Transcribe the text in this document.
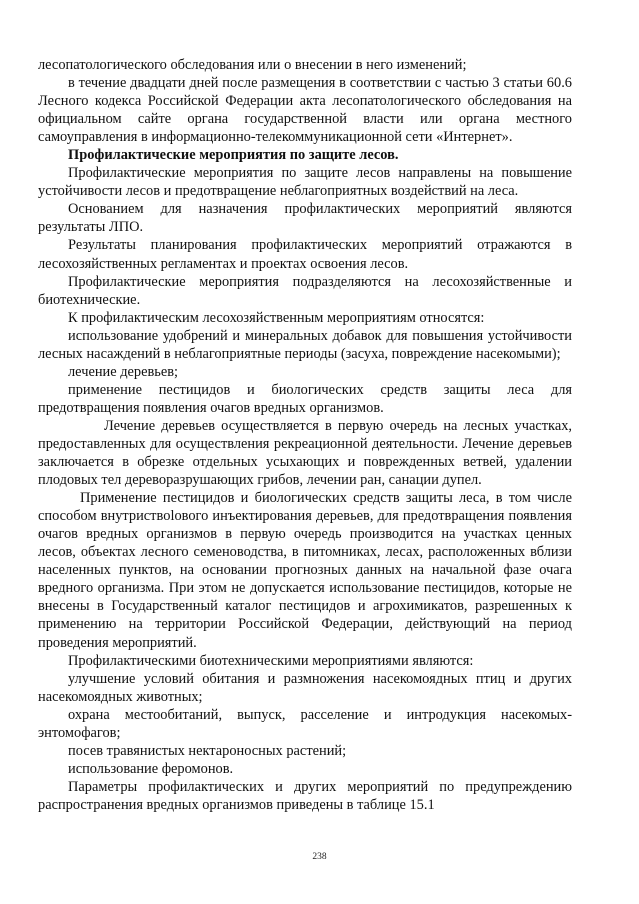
лесопатологического обследования или о внесении в него изменений;

в течение двадцати дней после размещения в соответствии с частью 3 статьи 60.6 Лесного кодекса Российской Федерации акта лесопатологического обследования на официальном сайте органа государственной власти или органа местного самоуправления в информационно-телекоммуникационной сети «Интернет».

Профилактические мероприятия по защите лесов.

Профилактические мероприятия по защите лесов направлены на повышение устойчивости лесов и предотвращение неблагоприятных воздействий на леса.

Основанием для назначения профилактических мероприятий являются результаты ЛПО.

Результаты планирования профилактических мероприятий отражаются в лесохозяйственных регламентах и проектах освоения лесов.

Профилактические мероприятия подразделяются на лесохозяйственные и биотехнические.

К профилактическим лесохозяйственным мероприятиям относятся:

использование удобрений и минеральных добавок для повышения устойчивости лесных насаждений в неблагоприятные периоды (засуха, повреждение насекомыми);

лечение деревьев;

применение пестицидов и биологических средств защиты леса для предотвращения появления очагов вредных организмов.

Лечение деревьев осуществляется в первую очередь на лесных участках, предоставленных для осуществления рекреационной деятельности. Лечение деревьев заключается в обрезке отдельных усыхающих и поврежденных ветвей, удалении плодовых тел дереворазрушающих грибов, лечении ран, санации дупел.

Применение пестицидов и биологических средств защиты леса, в том числе способом внутриствolового инъектирования деревьев, для предотвращения появления очагов вредных организмов в первую очередь производится на участках ценных лесов, объектах лесного семеноводства, в питомниках, лесах, расположенных вблизи населенных пунктов, на основании прогнозных данных на начальной фазе очага вредного организма. При этом не допускается использование пестицидов, которые не внесены в Государственный каталог пестицидов и агрохимикатов, разрешенных к применению на территории Российской Федерации, действующий на период проведения мероприятий.

Профилактическими биотехническими мероприятиями являются:

улучшение условий обитания и размножения насекомоядных птиц и других насекомоядных животных;

охрана местообитаний, выпуск, расселение и интродукция насекомых-энтомофагов;

посев травянистых нектароносных растений;

использование феромонов.

Параметры профилактических и других мероприятий по предупреждению распространения вредных организмов приведены в таблице 15.1

238
